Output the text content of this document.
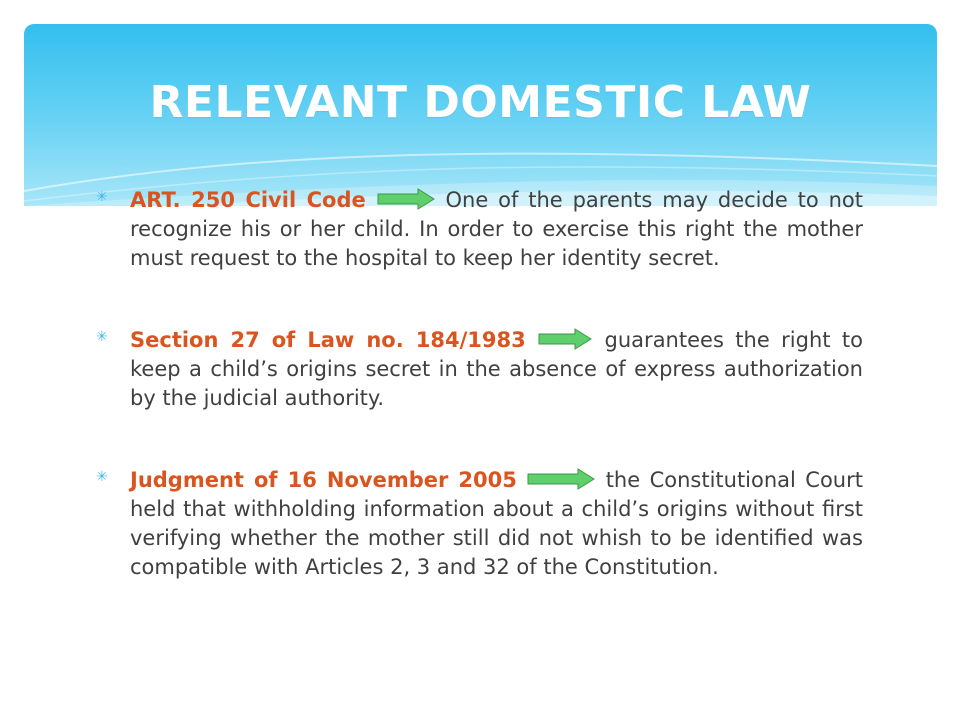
RELEVANT DOMESTIC LAW
✳	ART. 250 Civil Code	One of the parents may decide to not recognize his or her child. In order to exercise this right the mother must request to the hospital to keep her identity secret.

✳	Section 27 of Law no. 184/1983	guarantees the right to keep a child’s origins secret in the absence of express authorization by the judicial authority.

✳	Judgment of 16 November 2005	the Constitutional Court held that withholding information about a child’s origins without first verifying whether the mother still did not whish to be identified was compatible with Articles 2, 3 and 32 of the Constitution.
